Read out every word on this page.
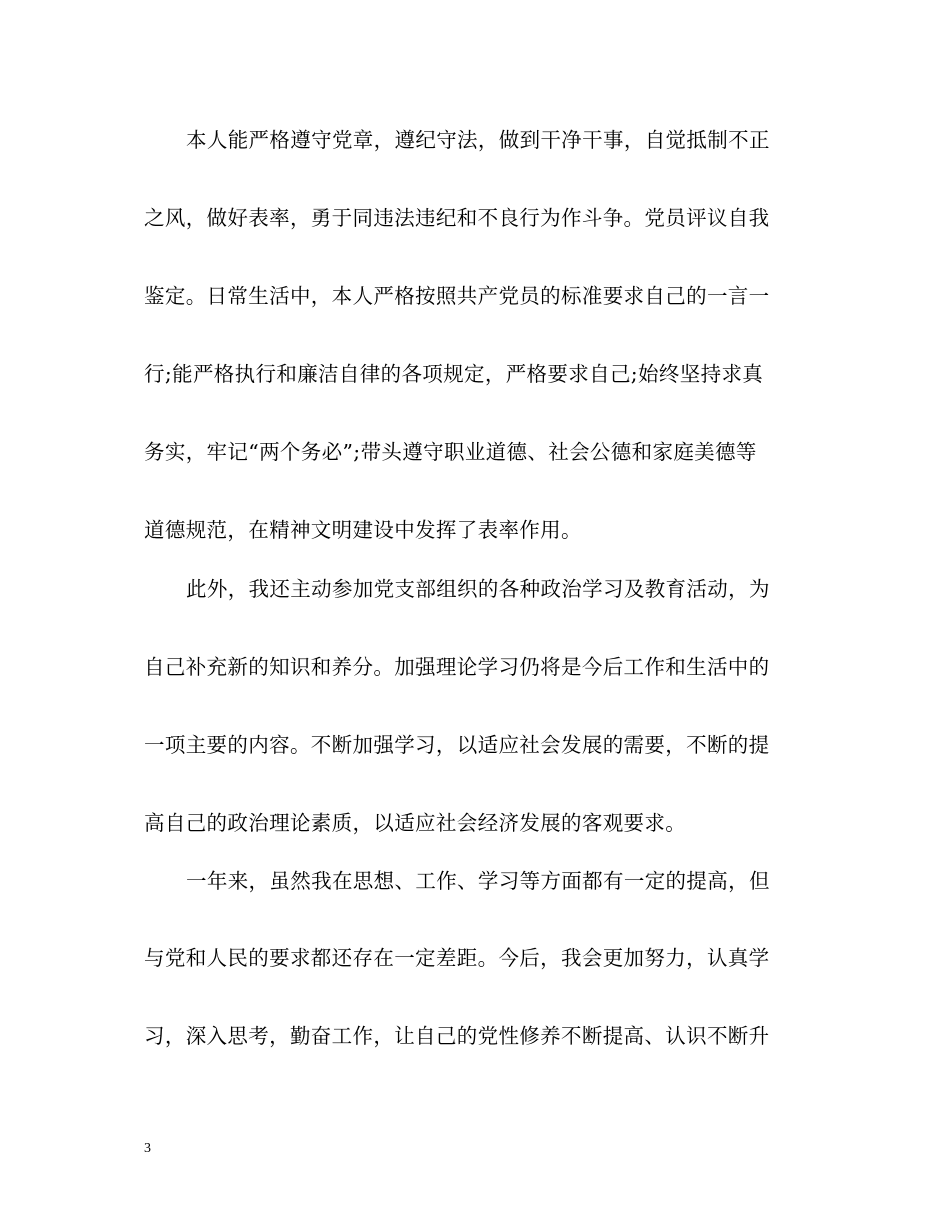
本人能严格遵守党章，遵纪守法，做到干净干事，自觉抵制不正
之风，做好表率，勇于同违法违纪和不良行为作斗争。党员评议自我
鉴定。日常生活中，本人严格按照共产党员的标准要求自己的一言一
行;能严格执行和廉洁自律的各项规定，严格要求自己;始终坚持求真
务实，牢记“两个务必”;带头遵守职业道德、社会公德和家庭美德等
道德规范，在精神文明建设中发挥了表率作用。
此外，我还主动参加党支部组织的各种政治学习及教育活动，为
自己补充新的知识和养分。加强理论学习仍将是今后工作和生活中的
一项主要的内容。不断加强学习，以适应社会发展的需要，不断的提
高自己的政治理论素质，以适应社会经济发展的客观要求。
一年来，虽然我在思想、工作、学习等方面都有一定的提高，但
与党和人民的要求都还存在一定差距。今后，我会更加努力，认真学
习，深入思考，勤奋工作，让自己的党性修养不断提高、认识不断升
3
